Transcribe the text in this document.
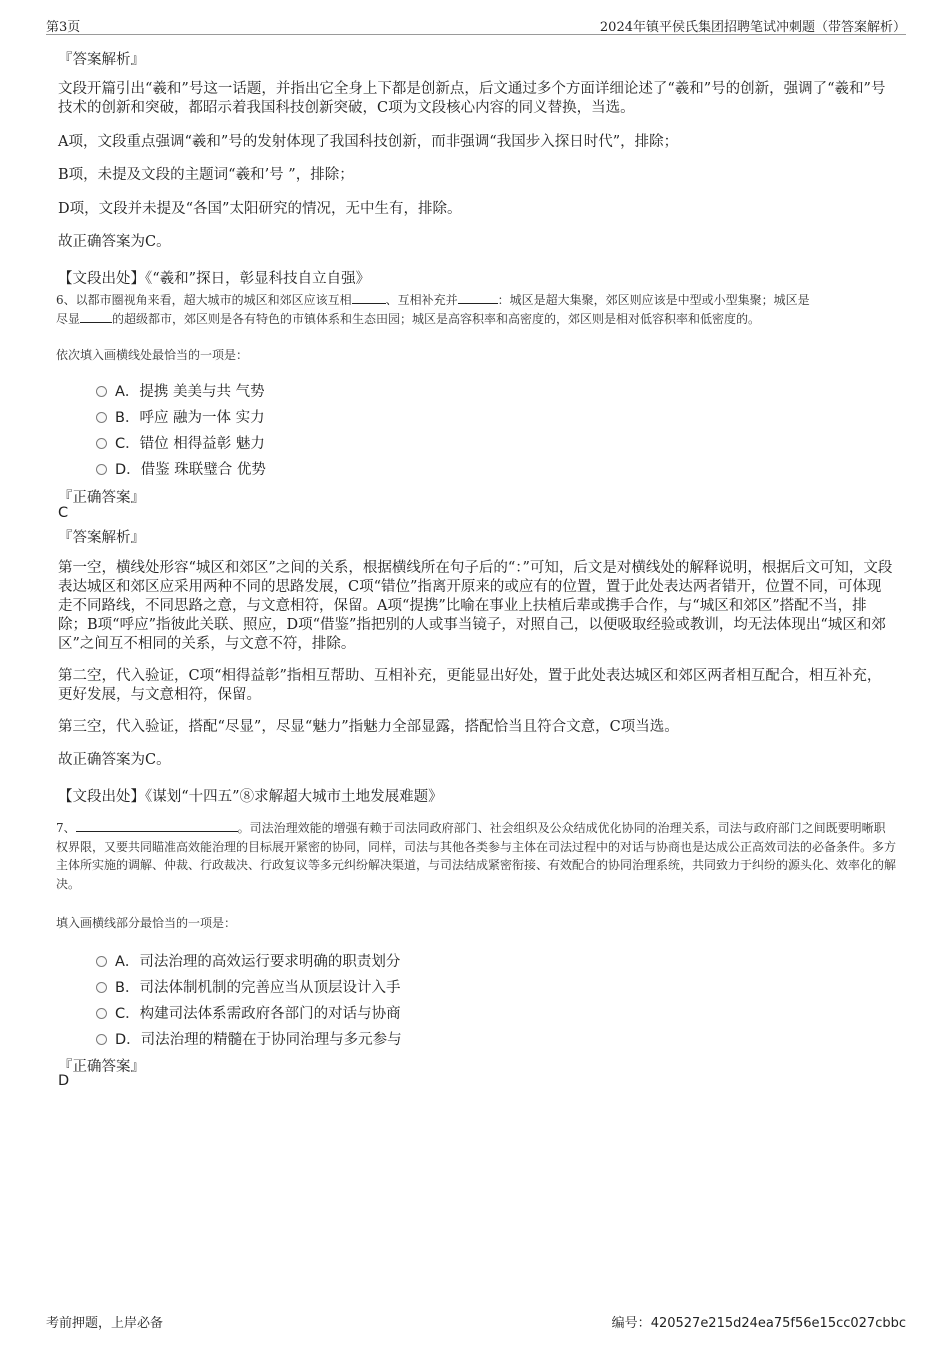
第3页	2024年镇平侯氏集团招聘笔试冲刺题（带答案解析）
『答案解析』
文段开篇引出“羲和”号这一话题，并指出它全身上下都是创新点，后文通过多个方面详细论述了“羲和”号的创新，强调了“羲和”号技术的创新和突破，都昭示着我国科技创新突破，C项为文段核心内容的同义替换，当选。
A项，文段重点强调“羲和”号的发射体现了我国科技创新，而非强调“我国步入探日时代”，排除；
B项，未提及文段的主题词“羲和’号 ”，排除；
D项，文段并未提及“各国”太阳研究的情况，无中生有，排除。
故正确答案为C。
【文段出处】《“羲和”探日，彰显科技自立自强》
6、以都市圈视角来看，超大城市的城区和郊区应该互相	、互相补充并	：城区是超大集聚，郊区则应该是中型或小型集聚；城区是
尽显	的超级都市，郊区则是各有特色的市镇体系和生态田园；城区是高容积率和高密度的，郊区则是相对低容积率和低密度的。
依次填入画横线处最恰当的一项是：
A．提携 美美与共 气势
B．呼应 融为一体 实力
C．错位 相得益彰 魅力
D．借鉴 珠联璧合 优势
『正确答案』
C
『答案解析』
第一空，横线处形容“城区和郊区”之间的关系，根据横线所在句子后的“：”可知，后文是对横线处的解释说明，根据后文可知，文段表达城区和郊区应采用两种不同的思路发展，C项“错位”指离开原来的或应有的位置，置于此处表达两者错开，位置不同，可体现走不同路线，不同思路之意，与文意相符，保留。A项“提携”比喻在事业上扶植后辈或携手合作，与“城区和郊区”搭配不当，排除；B项“呼应”指彼此关联、照应，D项“借鉴”指把别的人或事当镜子，对照自己，以便吸取经验或教训，均无法体现出“城区和郊区”之间互不相同的关系，与文意不符，排除。
第二空，代入验证，C项“相得益彰”指相互帮助、互相补充，更能显出好处，置于此处表达城区和郊区两者相互配合，相互补充，更好发展，与文意相符，保留。
第三空，代入验证，搭配“尽显”，尽显“魅力”指魅力全部显露，搭配恰当且符合文意，C项当选。
故正确答案为C。
【文段出处】《谋划“十四五”⑧求解超大城市土地发展难题》
7、	。司法治理效能的增强有赖于司法同政府部门、社会组织及公众结成优化协同的治理关系，司法与政府部门之间既要明晰职权界限，又要共同瞄准高效能治理的目标展开紧密的协同，同样，司法与其他各类参与主体在司法过程中的对话与协商也是达成公正高效司法的必备条件。多方主体所实施的调解、仲裁、行政裁决、行政复议等多元纠纷解决渠道，与司法结成紧密衔接、有效配合的协同治理系统，共同致力于纠纷的源头化、效率化的解决。
填入画横线部分最恰当的一项是：
A．司法治理的高效运行要求明确的职责划分
B．司法体制机制的完善应当从顶层设计入手
C．构建司法体系需政府各部门的对话与协商
D．司法治理的精髓在于协同治理与多元参与
『正确答案』
D
考前押题，上岸必备	编号：420527e215d24ea75f56e15cc027cbbc
